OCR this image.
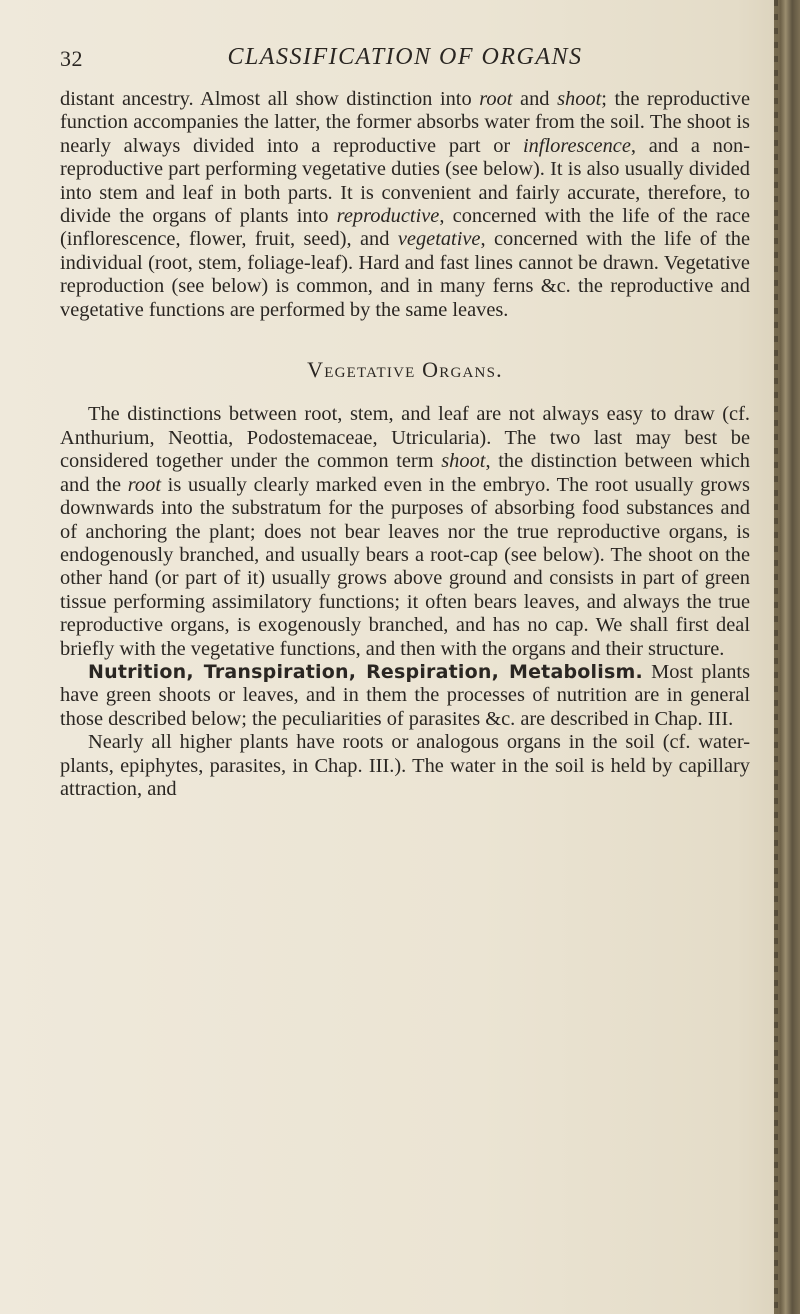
32	CLASSIFICATION OF ORGANS

distant ancestry. Almost all show distinction into root and shoot; the reproductive function accompanies the latter, the former absorbs water from the soil. The shoot is nearly always divided into a reproductive part or inflorescence, and a non-reproductive part performing vegetative duties (see below). It is also usually divided into stem and leaf in both parts. It is convenient and fairly accurate, therefore, to divide the organs of plants into reproductive, concerned with the life of the race (inflorescence, flower, fruit, seed), and vegetative, concerned with the life of the individual (root, stem, foliage-leaf). Hard and fast lines cannot be drawn. Vegetative reproduction (see below) is common, and in many ferns &c. the reproductive and vegetative functions are performed by the same leaves.

Vegetative Organs.

The distinctions between root, stem, and leaf are not always easy to draw (cf. Anthurium, Neottia, Podostemaceae, Utricularia). The two last may best be considered together under the common term shoot, the distinction between which and the root is usually clearly marked even in the embryo. The root usually grows downwards into the substratum for the purposes of absorbing food substances and of anchoring the plant; does not bear leaves nor the true reproductive organs, is endogenously branched, and usually bears a root-cap (see below). The shoot on the other hand (or part of it) usually grows above ground and consists in part of green tissue performing assimilatory functions; it often bears leaves, and always the true reproductive organs, is exogenously branched, and has no cap. We shall first deal briefly with the vegetative functions, and then with the organs and their structure.

Nutrition, Transpiration, Respiration, Metabolism. Most plants have green shoots or leaves, and in them the processes of nutrition are in general those described below; the peculiarities of parasites &c. are described in Chap. III.

Nearly all higher plants have roots or analogous organs in the soil (cf. water-plants, epiphytes, parasites, in Chap. III.). The water in the soil is held by capillary attraction, and
